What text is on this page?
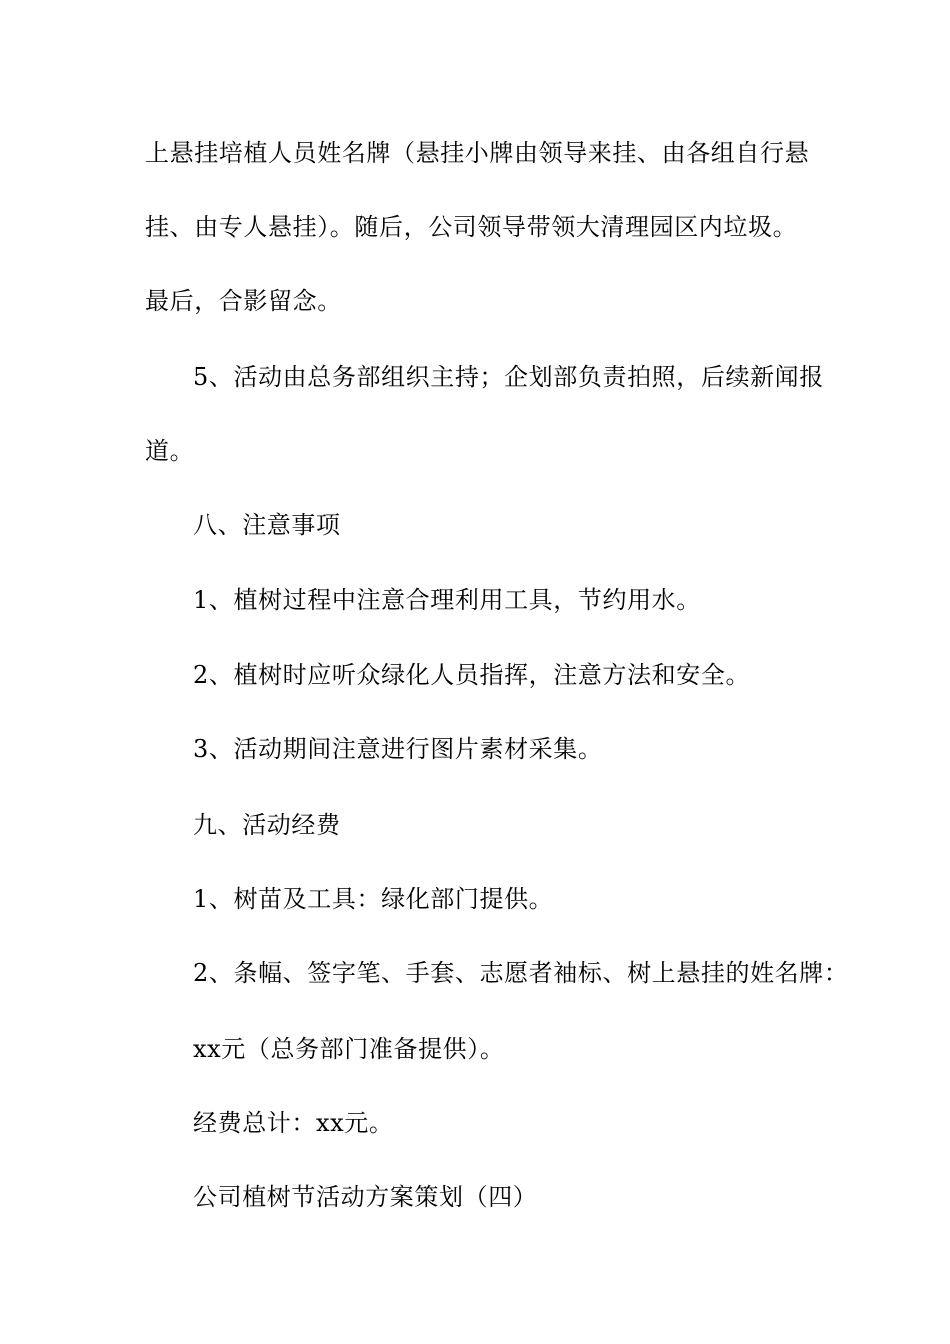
上悬挂培植人员姓名牌（悬挂小牌由领导来挂、由各组自行悬
挂、由专人悬挂）。随后，公司领导带领大清理园区内垃圾。
最后，合影留念。
5、活动由总务部组织主持；企划部负责拍照，后续新闻报
道。
八、注意事项
1、植树过程中注意合理利用工具，节约用水。
2、植树时应听众绿化人员指挥，注意方法和安全。
3、活动期间注意进行图片素材采集。
九、活动经费
1、树苗及工具：绿化部门提供。
2、条幅、签字笔、手套、志愿者袖标、树上悬挂的姓名牌：
xx元（总务部门准备提供）。
经费总计：xx元。
公司植树节活动方案策划（四）
